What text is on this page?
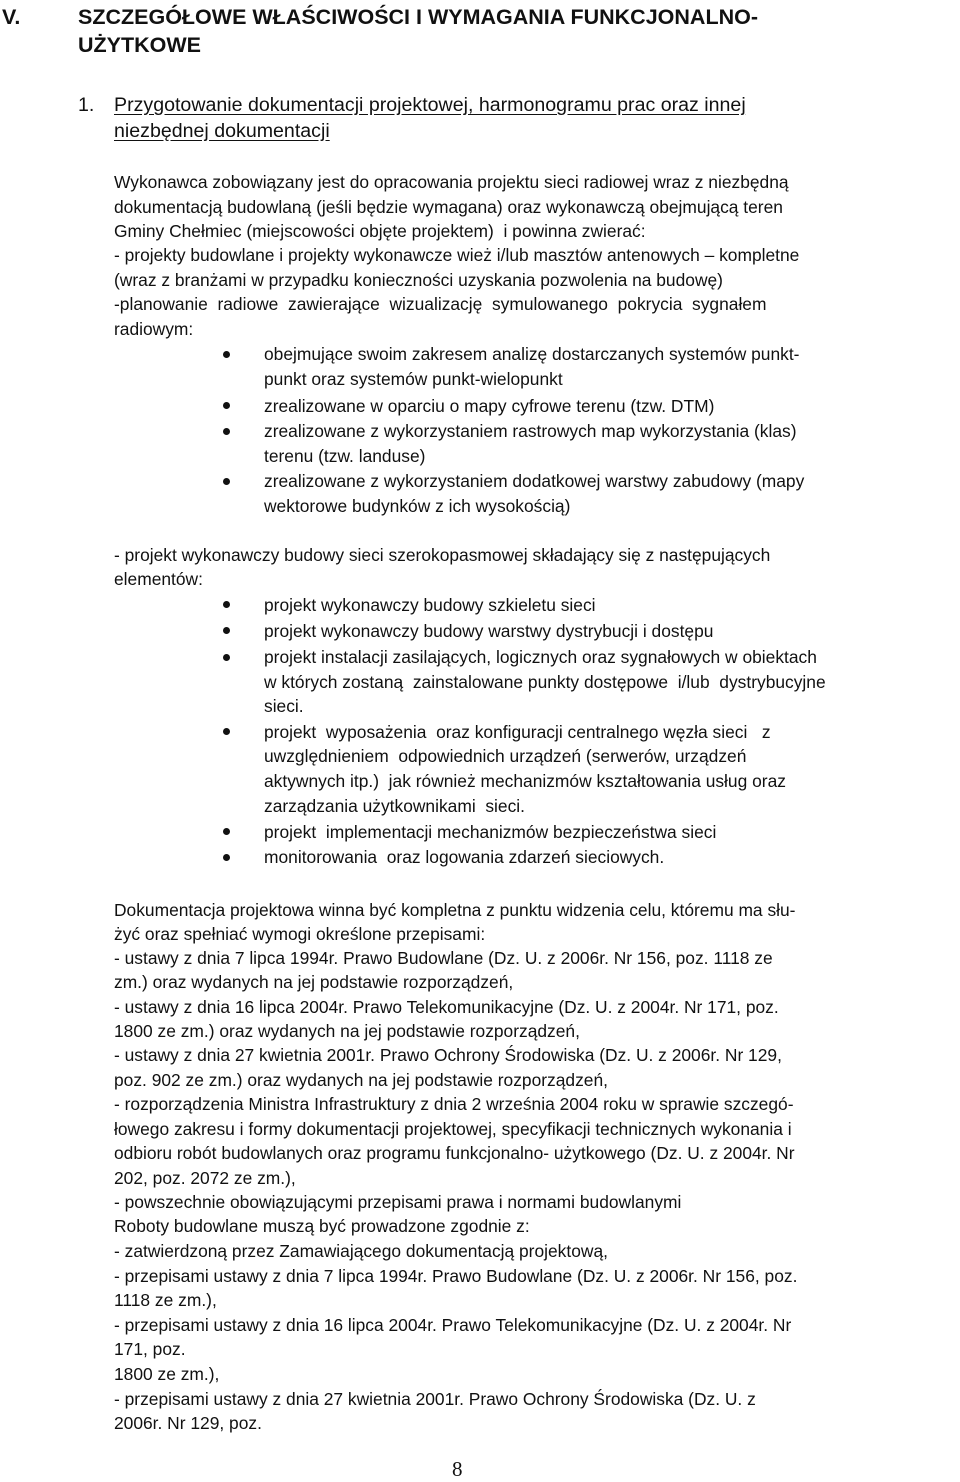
V.	SZCZEGÓŁOWE WŁAŚCIWOŚCI I WYMAGANIA FUNKCJONALNO-
UŻYTKOWE
1. Przygotowanie dokumentacji projektowej, harmonogramu prac oraz innej
niezbędnej dokumentacji
Wykonawca zobowiązany jest do opracowania projektu sieci radiowej wraz z niezbędną
dokumentacją budowlaną (jeśli będzie wymagana) oraz wykonawczą obejmującą teren
Gminy Chełmiec (miejscowości objęte projektem)  i powinna zwierać:
- projekty budowlane i projekty wykonawcze wież i/lub masztów antenowych – kompletne
(wraz z branżami w przypadku konieczności uzyskania pozwolenia na budowę)
-planowanie  radiowe  zawierające  wizualizację  symulowanego  pokrycia  sygnałem
radiowym:
obejmujące swoim zakresem analizę dostarczanych systemów punkt-
punkt oraz systemów punkt-wielopunkt
zrealizowane w oparciu o mapy cyfrowe terenu (tzw. DTM)
zrealizowane z wykorzystaniem rastrowych map wykorzystania (klas)
terenu (tzw. landuse)
zrealizowane z wykorzystaniem dodatkowej warstwy zabudowy (mapy
wektorowe budynków z ich wysokością)
- projekt wykonawczy budowy sieci szerokopasmowej składający się z następujących
elementów:
projekt wykonawczy budowy szkieletu sieci
projekt wykonawczy budowy warstwy dystrybucji i dostępu
projekt instalacji zasilających, logicznych oraz sygnałowych w obiektach
w których zostaną  zainstalowane punkty dostępowe  i/lub  dystrybucyjne
sieci.
projekt  wyposażenia  oraz konfiguracji centralnego węzła sieci   z
uwzględnieniem  odpowiednich urządzeń (serwerów, urządzeń
aktywnych itp.)  jak również mechanizmów kształtowania usług oraz
zarządzania użytkownikami  sieci.
projekt  implementacji mechanizmów bezpieczeństwa sieci
monitorowania  oraz logowania zdarzeń sieciowych.
Dokumentacja projektowa winna być kompletna z punktu widzenia celu, któremu ma słu-
żyć oraz spełniać wymogi określone przepisami:
- ustawy z dnia 7 lipca 1994r. Prawo Budowlane (Dz. U. z 2006r. Nr 156, poz. 1118 ze
zm.) oraz wydanych na jej podstawie rozporządzeń,
- ustawy z dnia 16 lipca 2004r. Prawo Telekomunikacyjne (Dz. U. z 2004r. Nr 171, poz.
1800 ze zm.) oraz wydanych na jej podstawie rozporządzeń,
- ustawy z dnia 27 kwietnia 2001r. Prawo Ochrony Środowiska (Dz. U. z 2006r. Nr 129,
poz. 902 ze zm.) oraz wydanych na jej podstawie rozporządzeń,
- rozporządzenia Ministra Infrastruktury z dnia 2 września 2004 roku w sprawie szczegó-
łowego zakresu i formy dokumentacji projektowej, specyfikacji technicznych wykonania i
odbioru robót budowlanych oraz programu funkcjonalno- użytkowego (Dz. U. z 2004r. Nr
202, poz. 2072 ze zm.),
- powszechnie obowiązującymi przepisami prawa i normami budowlanymi
Roboty budowlane muszą być prowadzone zgodnie z:
- zatwierdzoną przez Zamawiającego dokumentacją projektową,
- przepisami ustawy z dnia 7 lipca 1994r. Prawo Budowlane (Dz. U. z 2006r. Nr 156, poz.
1118 ze zm.),
- przepisami ustawy z dnia 16 lipca 2004r. Prawo Telekomunikacyjne (Dz. U. z 2004r. Nr
171, poz.
1800 ze zm.),
- przepisami ustawy z dnia 27 kwietnia 2001r. Prawo Ochrony Środowiska (Dz. U. z
2006r. Nr 129, poz.
8
